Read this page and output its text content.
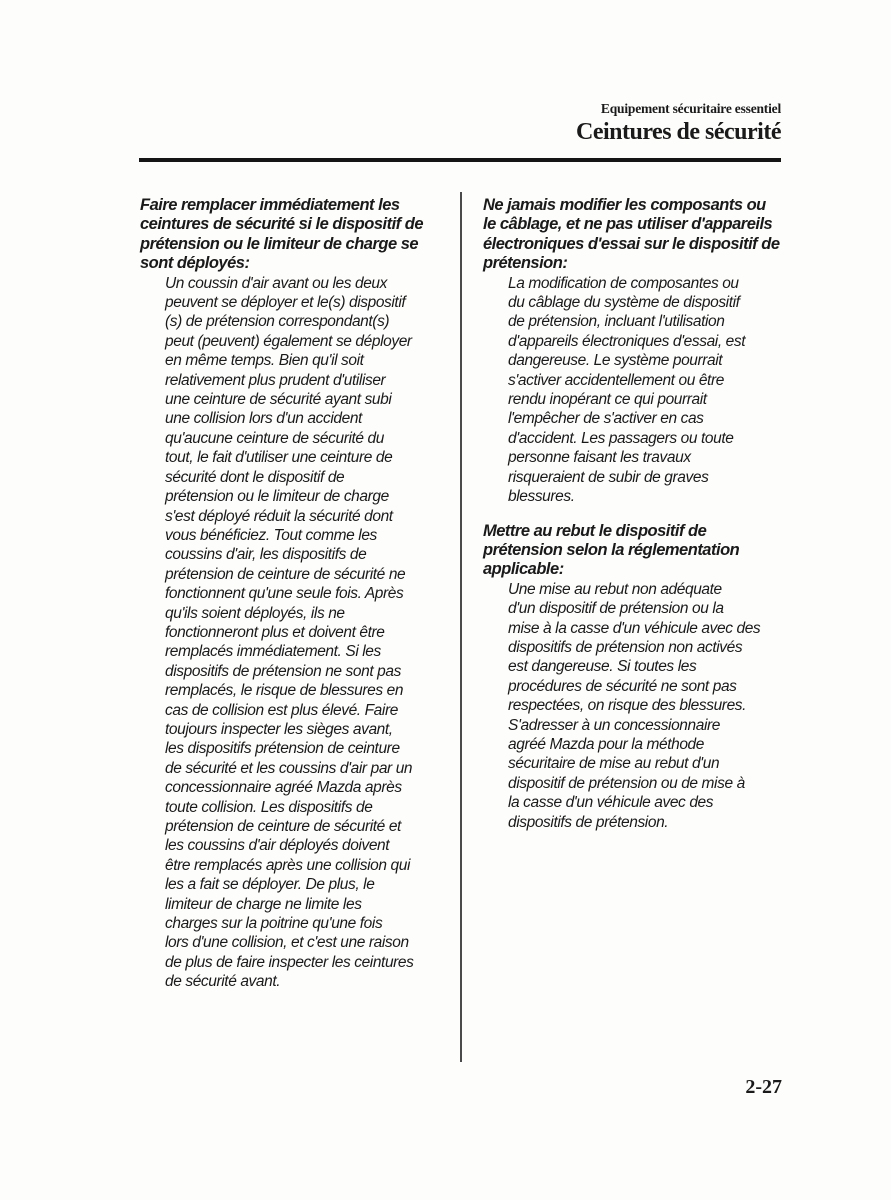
Equipement sécuritaire essentiel
Ceintures de sécurité
Faire remplacer immédiatement les
ceintures de sécurité si le dispositif de
prétension ou le limiteur de charge se
sont déployés:
Un coussin d'air avant ou les deux
peuvent se déployer et le(s) dispositif
(s) de prétension correspondant(s)
peut (peuvent) également se déployer
en même temps. Bien qu'il soit
relativement plus prudent d'utiliser
une ceinture de sécurité ayant subi
une collision lors d'un accident
qu'aucune ceinture de sécurité du
tout, le fait d'utiliser une ceinture de
sécurité dont le dispositif de
prétension ou le limiteur de charge
s'est déployé réduit la sécurité dont
vous bénéficiez. Tout comme les
coussins d'air, les dispositifs de
prétension de ceinture de sécurité ne
fonctionnent qu'une seule fois. Après
qu'ils soient déployés, ils ne
fonctionneront plus et doivent être
remplacés immédiatement. Si les
dispositifs de prétension ne sont pas
remplacés, le risque de blessures en
cas de collision est plus élevé. Faire
toujours inspecter les sièges avant,
les dispositifs prétension de ceinture
de sécurité et les coussins d'air par un
concessionnaire agréé Mazda après
toute collision. Les dispositifs de
prétension de ceinture de sécurité et
les coussins d'air déployés doivent
être remplacés après une collision qui
les a fait se déployer. De plus, le
limiteur de charge ne limite les
charges sur la poitrine qu'une fois
lors d'une collision, et c'est une raison
de plus de faire inspecter les ceintures
de sécurité avant.
Ne jamais modifier les composants ou
le câblage, et ne pas utiliser d'appareils
électroniques d'essai sur le dispositif de
prétension:
La modification de composantes ou
du câblage du système de dispositif
de prétension, incluant l'utilisation
d'appareils électroniques d'essai, est
dangereuse. Le système pourrait
s'activer accidentellement ou être
rendu inopérant ce qui pourrait
l'empêcher de s'activer en cas
d'accident. Les passagers ou toute
personne faisant les travaux
risqueraient de subir de graves
blessures.
Mettre au rebut le dispositif de
prétension selon la réglementation
applicable:
Une mise au rebut non adéquate
d'un dispositif de prétension ou la
mise à la casse d'un véhicule avec des
dispositifs de prétension non activés
est dangereuse. Si toutes les
procédures de sécurité ne sont pas
respectées, on risque des blessures.
S'adresser à un concessionnaire
agréé Mazda pour la méthode
sécuritaire de mise au rebut d'un
dispositif de prétension ou de mise à
la casse d'un véhicule avec des
dispositifs de prétension.
2-27
